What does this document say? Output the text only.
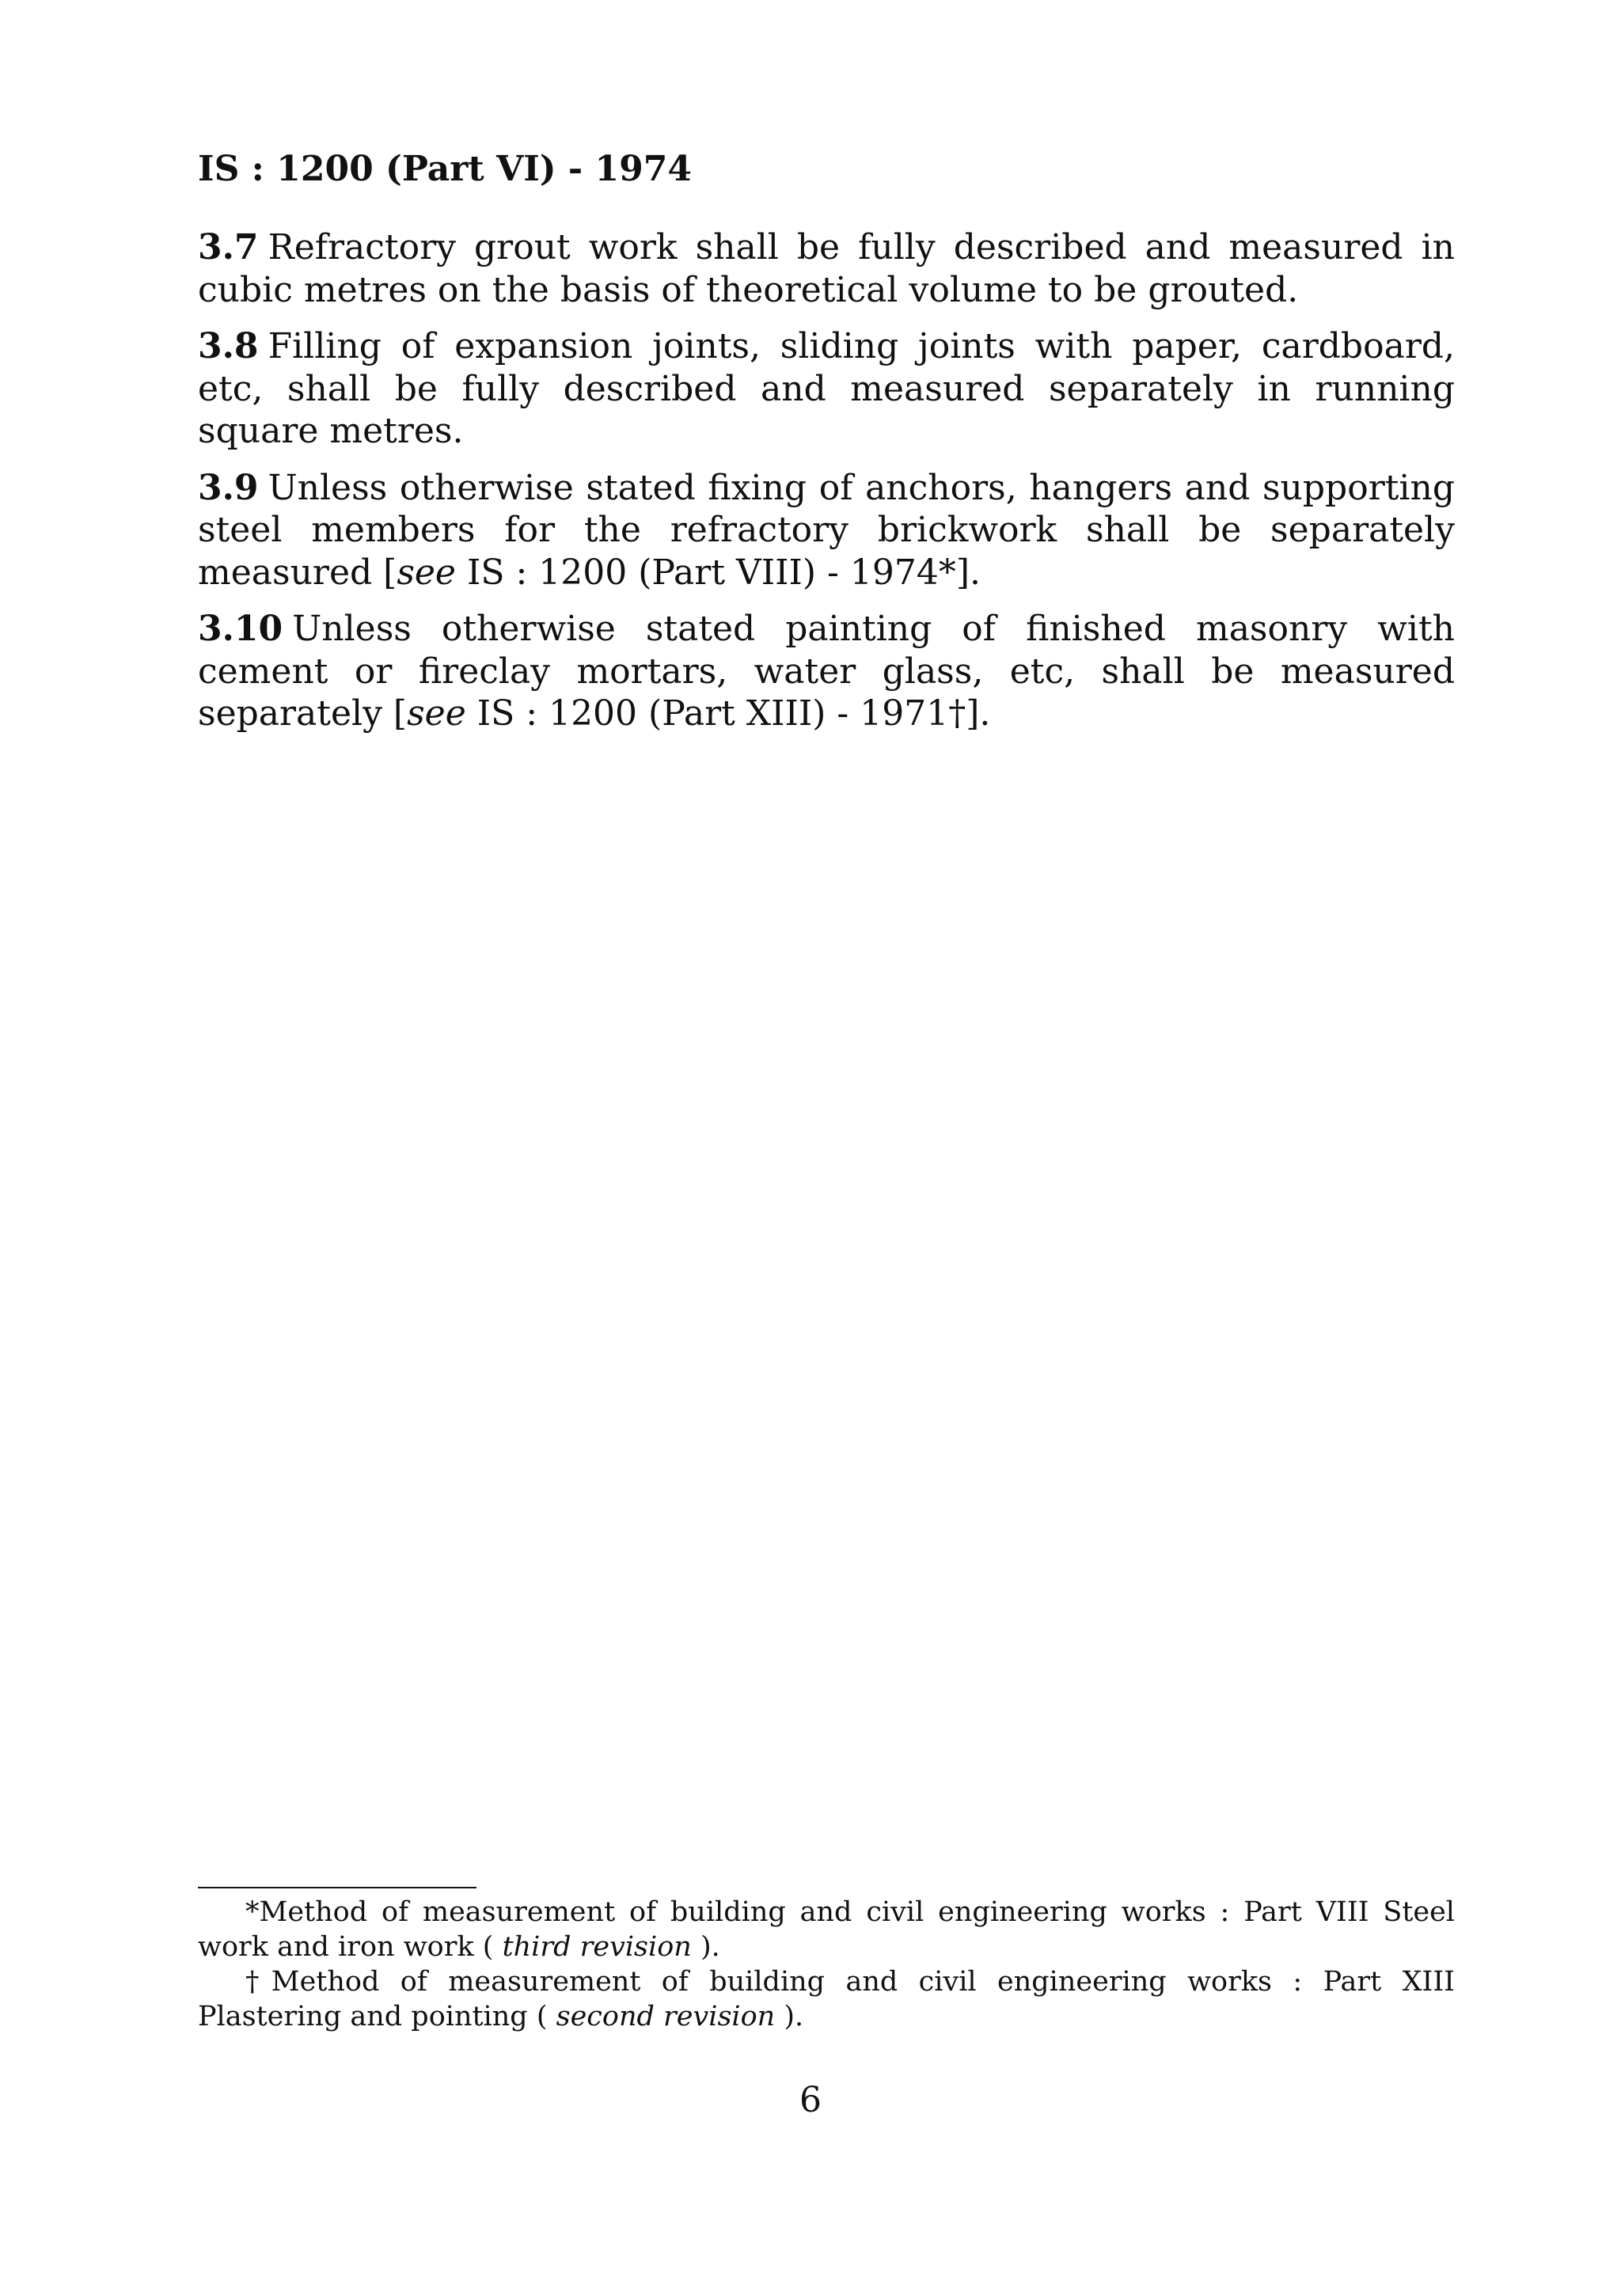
IS : 1200 (Part VI) - 1974

3.7 Refractory grout work shall be fully described and measured in cubic metres on the basis of theoretical volume to be grouted.

3.8 Filling of expansion joints, sliding joints with paper, cardboard, etc, shall be fully described and measured separately in running square metres.

3.9 Unless otherwise stated fixing of anchors, hangers and supporting steel members for the refractory brickwork shall be separately measured [see IS : 1200 (Part VIII) - 1974*].

3.10 Unless otherwise stated painting of finished masonry with cement or fireclay mortars, water glass, etc, shall be measured separately [see IS : 1200 (Part XIII) - 1971†].

*Method of measurement of building and civil engineering works : Part VIII Steel work and iron work ( third revision ).

†Method of measurement of building and civil engineering works : Part XIII Plastering and pointing ( second revision ).

6
